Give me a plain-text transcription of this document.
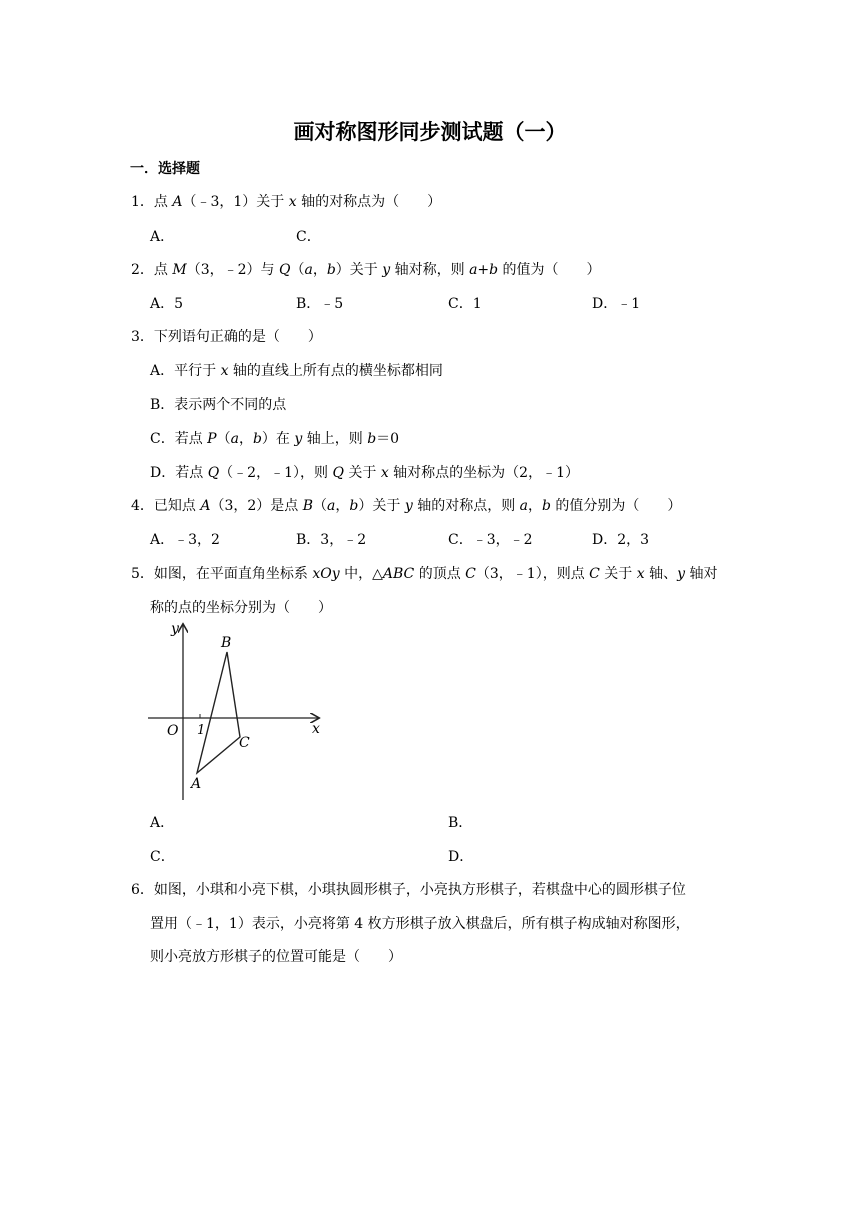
画对称图形同步测试题（一）
一．选择题
1．点 A（﹣3，1）关于 x 轴的对称点为（　　）
A．	C．
2．点 M（3，﹣2）与 Q（a，b）关于 y 轴对称，则 a+b 的值为（　　）
A．5	B．﹣5	C．1	D．﹣1
3．下列语句正确的是（　　）
A．平行于 x 轴的直线上所有点的横坐标都相同
B．表示两个不同的点
C．若点 P（a，b）在 y 轴上，则 b＝0
D．若点 Q（﹣2，﹣1），则 Q 关于 x 轴对称点的坐标为（2，﹣1）
4．已知点 A（3，2）是点 B（a，b）关于 y 轴的对称点，则 a，b 的值分别为（　　）
A．﹣3，2	B．3，﹣2	C．﹣3，﹣2	D．2，3
5．如图，在平面直角坐标系 xOy 中，△ABC 的顶点 C（3，﹣1），则点 C 关于 x 轴、y 轴对
称的点的坐标分别为（　　）
y
x
O 1
A
B
C
A．	B．
C．	D．
6．如图，小琪和小亮下棋，小琪执圆形棋子，小亮执方形棋子，若棋盘中心的圆形棋子位
置用（﹣1，1）表示，小亮将第 4 枚方形棋子放入棋盘后，所有棋子构成轴对称图形，
则小亮放方形棋子的位置可能是（　　）
